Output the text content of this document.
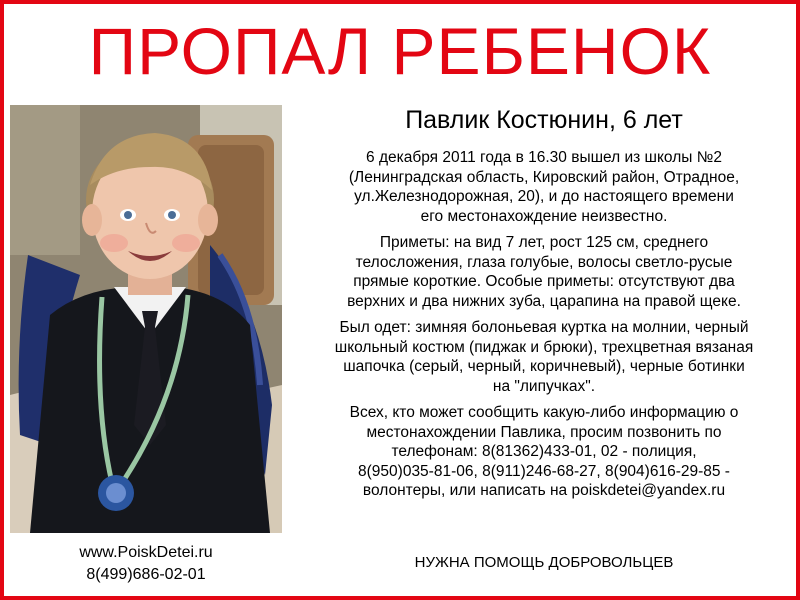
ПРОПАЛ РЕБЕНОК
www.PoiskDetei.ru
8(499)686-02-01
Павлик Костюнин, 6 лет
6 декабря 2011 года в 16.30 вышел из школы №2
(Ленинградская область, Кировский район, Отрадное,
ул.Железнодорожная, 20), и до настоящего времени
его местонахождение неизвестно.
Приметы: на вид 7 лет, рост 125 см, среднего
телосложения, глаза голубые, волосы светло-русые
прямые короткие. Особые приметы: отсутствуют два
верхних и два нижних зуба, царапина на правой щеке.
Был одет: зимняя болоньевая куртка на молнии, черный
школьный костюм (пиджак и брюки), трехцветная вязаная
шапочка (серый, черный, коричневый), черные ботинки
на "липучках".
Всех, кто может сообщить какую-либо информацию о
местонахождении Павлика, просим позвонить по
телефонам: 8(81362)433-01, 02 - полиция,
8(950)035-81-06, 8(911)246-68-27, 8(904)616-29-85 -
волонтеры, или написать на poiskdetei@yandex.ru
НУЖНА ПОМОЩЬ ДОБРОВОЛЬЦЕВ
